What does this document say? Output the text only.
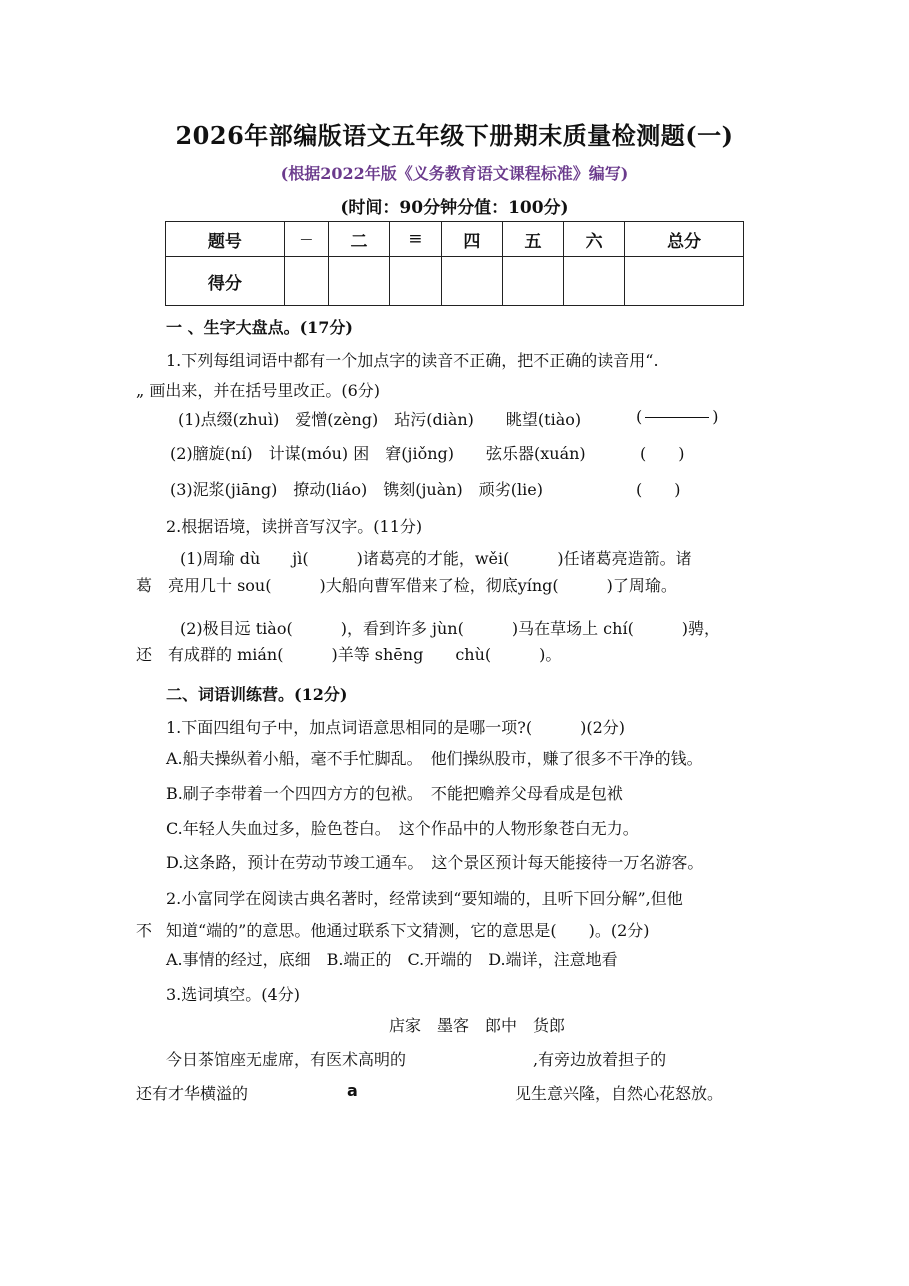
2026年部编版语文五年级下册期末质量检测题(一)
(根据2022年版《义务教育语文课程标准》编写)
(时间：90分钟分值：100分)
题号	—	二	≡	四	五	六	总分
得分							
一 、生字大盘点。(17分)
1.下列每组词语中都有一个加点字的读音不正确，把不正确的读音用“.
„ 画出来，并在括号里改正。(6分)
(1)点缀(zhuì)　爱憎(zèng)　玷污(diàn)　　眺望(tiào)	(	)
(2)膪旋(ní)　计谋(móu) 困　窘(jiǒng)　　弦乐器(xuán)	(　　)
(3)泥浆(jiāng)　撩动(liáo)　镌刻(juàn)　顽劣(lie)	(　　)
2.根据语境，读拼音写汉字。(11分)
(1)周瑜 dù　　jì(　　　)诸葛亮的才能，wěi(　　　)任诸葛亮造箭。诸
葛　亮用几十 sou(　　　)大船向曹军借来了检，彻底yíng(　　　)了周瑜。
(2)极目远 tiào(　　　)，看到许多 jùn(　　　)马在草场上 chí(　　　)骋，
还　有成群的 mián(　　　)羊等 shēng　　chù(　　　)。
二、词语训练营。(12分)
1.下面四组句子中，加点词语意思相同的是哪一项?(　　　)(2分)
A.船夫操纵着小船，毫不手忙脚乱。　他们操纵股市，赚了很多不干净的钱。
B.刷子李带着一个四四方方的包袱。　不能把赡养父母看成是包袱
C.年轻人失血过多，脸色苍白。　这个作品中的人物形象苍白无力。
D.这条路，预计在劳动节竣工通车。　这个景区预计每天能接待一万名游客。
2.小富同学在阅读古典名著时，经常读到“要知端的，且听下回分解”,但他
不 知道“端的”的意思。他通过联系下文猜测，它的意思是(　　)。(2分)
A.事情的经过，底细　B.端正的　C.开端的　D.端详，注意地看
3.选词填空。(4分)
店家　墨客　郎中　货郎
今日茶馆座无虚席，有医术高明的	,有旁边放着担子的
还有才华横溢的	a	见生意兴隆，自然心花怒放。
